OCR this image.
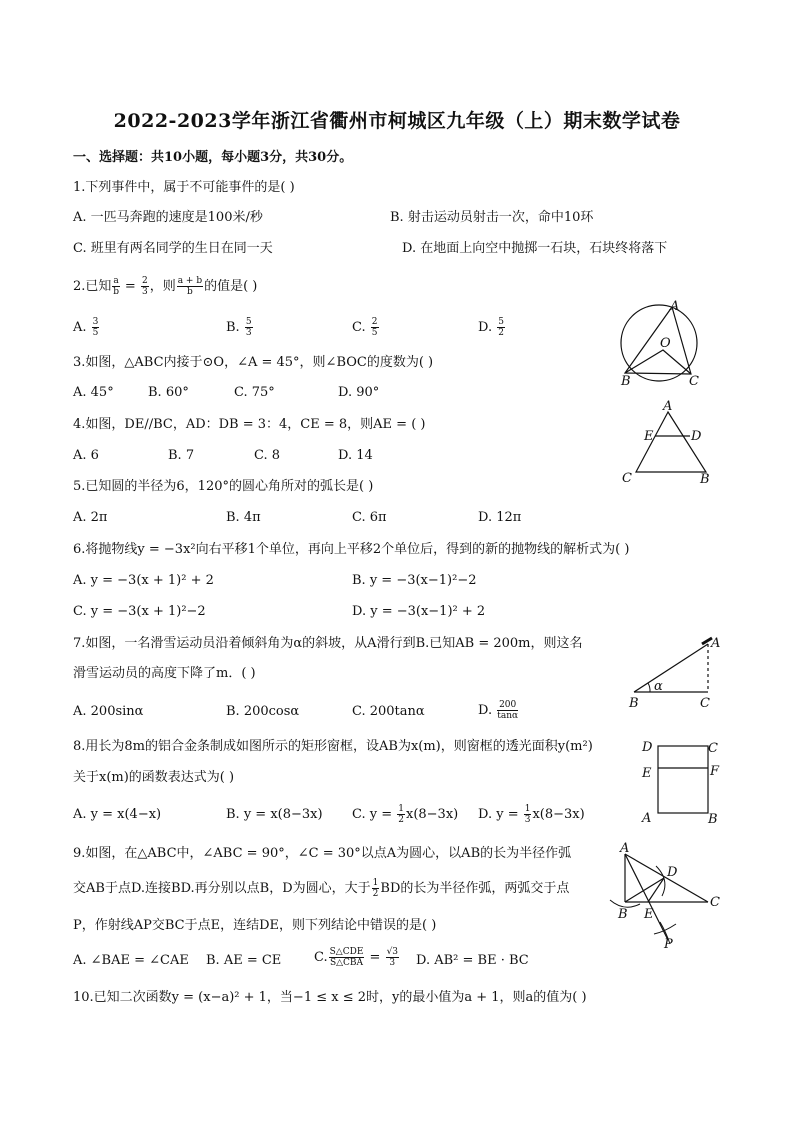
2022-2023学年浙江省衢州市柯城区九年级（上）期末数学试卷
一、选择题：共10小题，每小题3分，共30分。
1.下列事件中，属于不可能事件的是( )
A. 一匹马奔跑的速度是100米/秒	B. 射击运动员射击一次，命中10环
C. 班里有两名同学的生日在同一天	D. 在地面上向空中抛掷一石块，石块终将落下
2.已知 $\frac{a}{b} = \frac{2}{3}$ ，则 $\frac{a + b}{b}$ 的值是( )
A. $\frac{3}{5}$	B. $\frac{5}{3}$	C. $\frac{2}{5}$	D. $\frac{5}{2}$
3.如图，△ABC内接于⊙O，∠A = 45°，则∠BOC的度数为( )
A. 45°	B. 60°	C. 75°	D. 90°
4.如图，DE//BC，AD：DB = 3：4，CE = 8，则AE = ( )
A. 6	B. 7	C. 8	D. 14
5.已知圆的半径为6，120°的圆心角所对的弧长是( )
A. 2π	B. 4π	C. 6π	D. 12π
6.将抛物线y = −3x²向右平移1个单位，再向上平移2个单位后，得到的新的抛物线的解析式为( )
A. y = −3(x + 1)² + 2	B. y = −3(x−1)²−2
C. y = −3(x + 1)²−2	D. y = −3(x−1)² + 2
7.如图，一名滑雪运动员沿着倾斜角为α的斜坡，从A滑行到B.已知AB = 200m，则这名
滑雪运动员的高度下降了m．( )
A. 200sinα	B. 200cosα	C. 200tanα	D. $\frac{200}{\tan\alpha}$
8.用长为8m的铝合金条制成如图所示的矩形窗框，设AB为x(m)，则窗框的透光面积y(m²)
关于x(m)的函数表达式为( )
A. y = x(4−x)	B. y = x(8−3x) C. $y = \frac{1}{2} x(8-3x)$ D. $y = \frac{1}{3} x(8-3x)$
9.如图，在△ABC中，∠ABC = 90°，∠C = 30°以点A为圆心，以AB的长为半径作弧
交AB于点D.连接BD.再分别以点B，D为圆心，大于 $\frac{1}{2}$ BD的长为半径作弧，两弧交于点
P，作射线AP交BC于点E，连结DE，则下列结论中错误的是( )
A. ∠BAE = ∠CAE B. AE = CE	C. $\frac{\text{S△CDE}}{\text{S△CBA}} = \frac{√3}{3} D$. AB² = BE · BC
10.已知二次函数y = (x−a)² + 1，当−1 ≤ x ≤ 2时，y的最小值为a + 1，则a的值为( )
A
B	C
O
A
E	D
C	B
A
B	C
α
D	C
E	F
A	B
A
D
B E
C
P
